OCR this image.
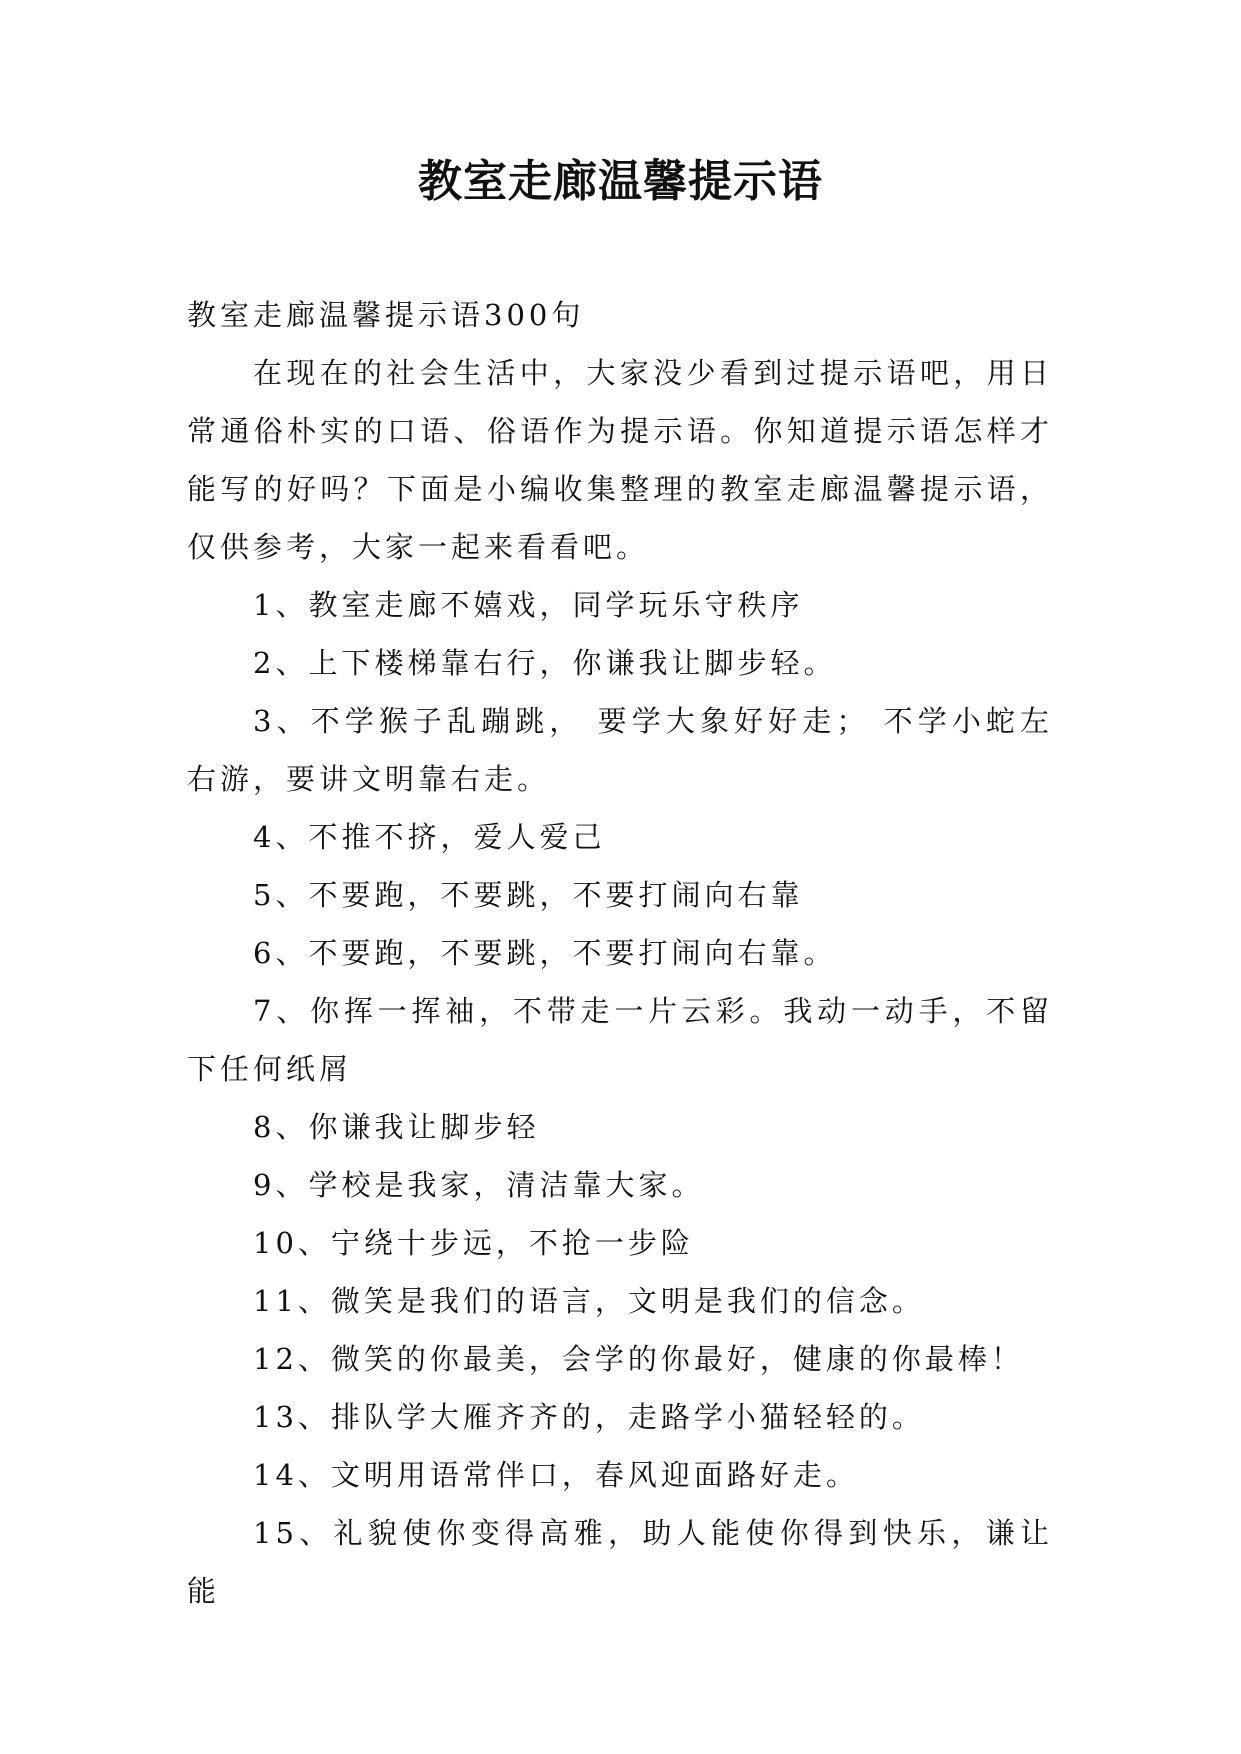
教室走廊温馨提示语

教室走廊温馨提示语300句

在现在的社会生活中，大家没少看到过提示语吧，用日常通俗朴实的口语、俗语作为提示语。你知道提示语怎样才能写的好吗？下面是小编收集整理的教室走廊温馨提示语，仅供参考，大家一起来看看吧。

1、教室走廊不嬉戏，同学玩乐守秩序

2、上下楼梯靠右行，你谦我让脚步轻。

3、不学猴子乱蹦跳， 要学大象好好走； 不学小蛇左右游，要讲文明靠右走。

4、不推不挤，爱人爱己

5、不要跑，不要跳，不要打闹向右靠

6、不要跑，不要跳，不要打闹向右靠。

7、你挥一挥袖，不带走一片云彩。我动一动手，不留下任何纸屑

8、你谦我让脚步轻

9、学校是我家，清洁靠大家。

10、宁绕十步远，不抢一步险

11、微笑是我们的语言，文明是我们的信念。

12、微笑的你最美，会学的你最好，健康的你最棒！

13、排队学大雁齐齐的，走路学小猫轻轻的。

14、文明用语常伴口，春风迎面路好走。

15、礼貌使你变得高雅，助人能使你得到快乐，谦让能
